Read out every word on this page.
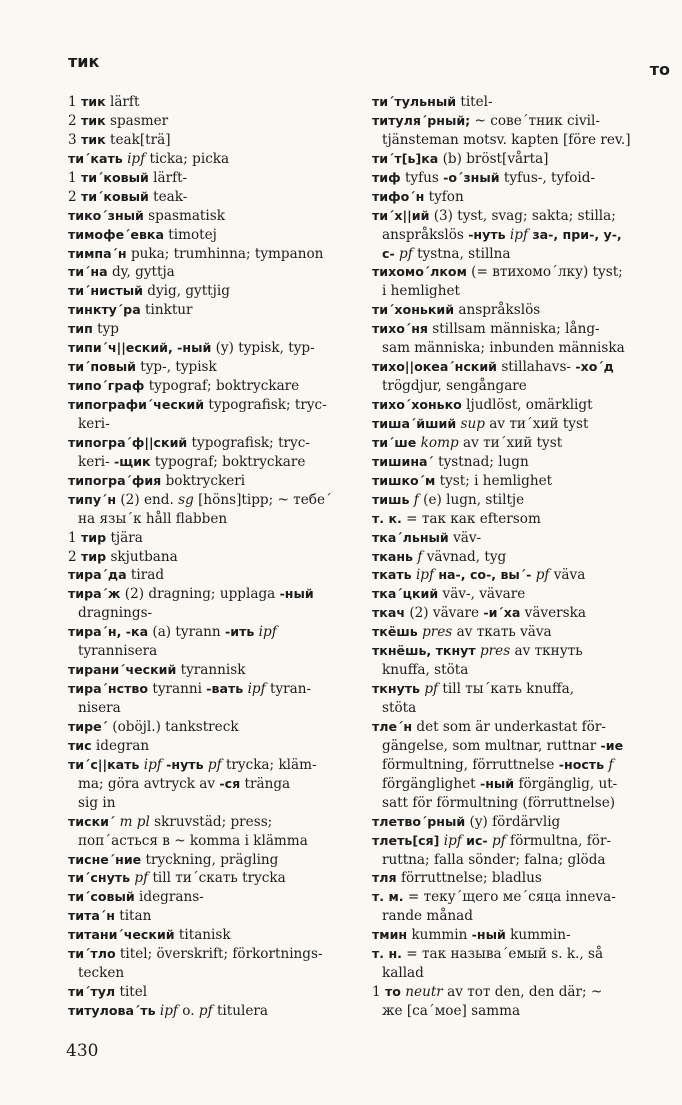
тик	то
1 тик lärft
2 тик spasmer
3 тик teak[trä]
ти´кать ipf ticka; picka
1 ти´ковый lärft-
2 ти´ковый teak-
тико´зный spasmatisk
тимофе´евка timotej
тимпа´н puka; trumhinna; tympanon
ти´на dy, gyttja
ти´нистый dyig, gyttjig
тинкту´ра tinktur
тип typ
типи´ч||еский, -ный (y) typisk, typ-
ти´повый typ-, typisk
типо´граф typograf; boktryckare
типографи´ческий typografisk; tryc-
keri-
типогра´ф||ский typografisk; tryc-
keri- -щик typograf; boktryckare
типогра´фия boktryckeri
типу´н (2) end. sg [höns]tipp; ~ тебе´
на язы´к håll flabben
1 тир tjära
2 тир skjutbana
тира´да tirad
тира´ж (2) dragning; upplaga -ный
dragnings-
тира´н, -ка (a) tyrann -ить ipf
tyrannisera
тирани´ческий tyrannisk
тира´нство tyranni -вать ipf tyran-
nisera
тире´ (oböjl.) tankstreck
тис idegran
ти´с||кать ipf -нуть pf trycka; kläm-
ma; göra avtryck av -ся tränga
sig in
тиски´ m pl skruvstäd; press;
поп´асться в ~ komma i klämma
тисне´ние tryckning, prägling
ти´снуть pf till ти´скать trycka
ти´совый idegrans-
тита´н titan
титани´ческий titanisk
ти´тло titel; överskrift; förkortnings-
tecken
ти´тул titel
титулова´ть ipf o. pf titulera
ти´тульный titel-
титуля´рный; ~ сове´тник civil-
tjänsteman motsv. kapten [före rev.]
ти´т[ь]ка (b) bröst[vårta]
тиф tyfus -о´зный tyfus-, tyfoid-
тифо´н tyfon
ти´х||ий (3) tyst, svag; sakta; stilla;
anspråkslös -нуть ipf за-, при-, у-,
с- pf tystna, stillna
тихомо´лком (= втихомо´лку) tyst;
i hemlighet
ти´хонький anspråkslös
тихо´ня stillsam människa; lång-
sam människa; inbunden människa
тихо||океа´нский stillahavs- -хо´д
trögdjur, sengångare
тихо´хонько ljudlöst, omärkligt
тиша´йший sup av ти´хий tyst
ти´ше komp av ти´хий tyst
тишина´ tystnad; lugn
тишко´м tyst; i hemlighet
тишь f (e) lugn, stiltje
т. к. = так как eftersom
тка´льный väv-
ткань f vävnad, tyg
ткать ipf на-, со-, вы´- pf väva
тка´цкий väv-, vävare
ткач (2) vävare -и´ха väverska
ткёшь pres av ткать väva
ткнёшь, ткнут pres av ткнуть
knuffa, stöta
ткнуть pf till ты´кать knuffa,
stöta
тле´н det som är underkastat för-
gängelse, som multnar, ruttnar -ие
förmultning, förruttnelse -ность f
förgänglighet -ный förgänglig, ut-
satt för förmultning (förruttnelse)
тлетво´рный (y) fördärvlig
тлеть[ся] ipf ис- pf förmultna, för-
ruttna; falla sönder; falna; glöda
тля förruttnelse; bladlus
т. м. = теку´щего ме´сяца inneva-
rande månad
тмин kummin -ный kummin-
т. н. = так называ´емый s. k., så
kallad
1 то neutr av тот den, den där; ~
же [са´мое] samma
430
